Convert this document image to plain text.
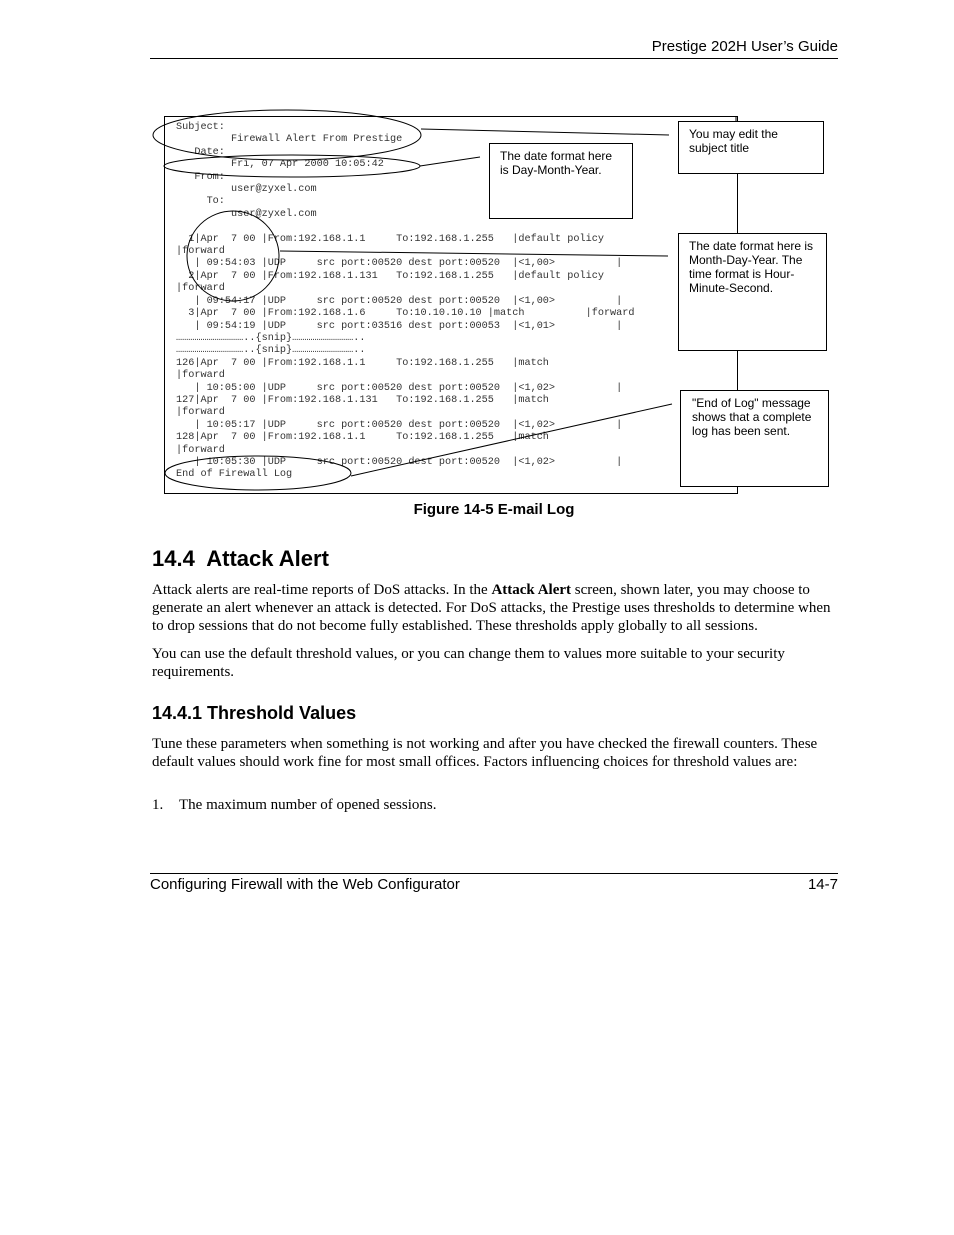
Prestige 202H User’s Guide
Subject:
Firewall Alert From Prestige
Date:
Fri, 07 Apr 2000 10:05:42
From:
user@zyxel.com
To:
user@zyxel.com

1|Apr  7 00 |From:192.168.1.1     To:192.168.1.255   |default policy
|forward
| 09:54:03 |UDP     src port:00520 dest port:00520  |<1,00>          |
2|Apr  7 00 |From:192.168.1.131   To:192.168.1.255   |default policy
|forward
| 09:54:17 |UDP     src port:00520 dest port:00520  |<1,00>          |
3|Apr  7 00 |From:192.168.1.6     To:10.10.10.10 |match          |forward
| 09:54:19 |UDP     src port:03516 dest port:00053  |<1,01>          |
……………………………..{snip}…………………………..
……………………………..{snip}…………………………..
126|Apr  7 00 |From:192.168.1.1     To:192.168.1.255   |match
|forward
| 10:05:00 |UDP     src port:00520 dest port:00520  |<1,02>          |
127|Apr  7 00 |From:192.168.1.131   To:192.168.1.255   |match
|forward
| 10:05:17 |UDP     src port:00520 dest port:00520  |<1,02>          |
128|Apr  7 00 |From:192.168.1.1     To:192.168.1.255   |match
|forward
| 10:05:30 |UDP     src port:00520 dest port:00520  |<1,02>          |
End of Firewall Log
You may edit the subject title
The date format here is Day-Month-Year.
The date format here is Month-Day-Year. The time format is Hour-Minute-Second.
"End of Log" message shows that a complete log has been sent.
Figure 14-5 E-mail Log
14.4  Attack Alert

Attack alerts are real-time reports of DoS attacks. In the Attack Alert screen, shown later, you may choose to generate an alert whenever an attack is detected. For DoS attacks, the Prestige uses thresholds to determine when to drop sessions that do not become fully established. These thresholds apply globally to all sessions.

You can use the default threshold values, or you can change them to values more suitable to your security requirements.

14.4.1 Threshold Values

Tune these parameters when something is not working and after you have checked the firewall counters. These default values should work fine for most small offices. Factors influencing choices for threshold values are:

1. The maximum number of opened sessions.
Configuring Firewall with the Web Configurator	14-7
